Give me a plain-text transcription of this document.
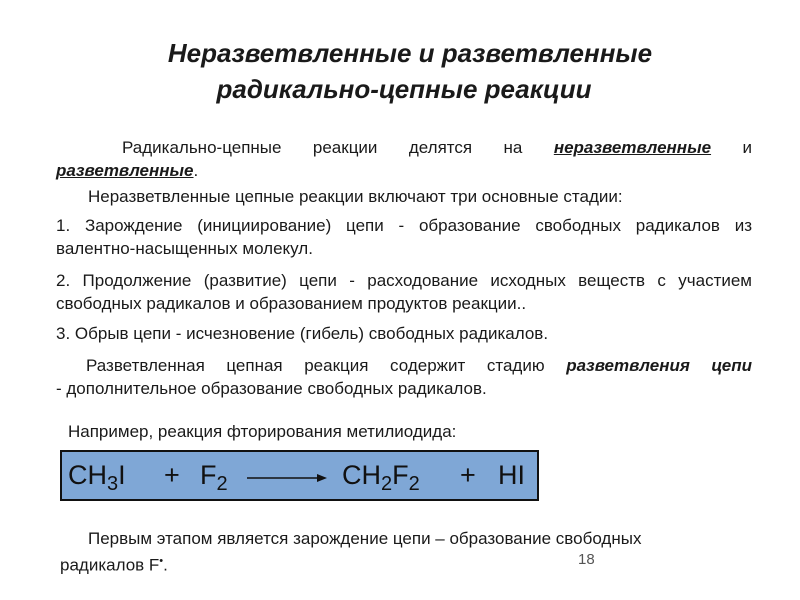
Неразветвленные и разветвленные
радикально-цепные реакции
Радикально-цепные реакции делятся на неразветвленные и
разветвленные.
Неразветвленные цепные реакции включают три основные стадии:
1. Зарождение (инициирование) цепи - образование свободных радикалов из валентно-насыщенных молекул.
2. Продолжение (развитие) цепи - расходование исходных веществ с участием свободных радикалов и образованием продуктов реакции..
3. Обрыв цепи - исчезновение (гибель) свободных радикалов.
Разветвленная цепная реакция содержит стадию разветвления цепи
- дополнительное образование свободных радикалов.
Например, реакция фторирования метилиодида:
$CH_3I + F_2$	$CH_2F_2$ + HI
Первым этапом является зарождение цепи – образование свободных
радикалов F•.	18
